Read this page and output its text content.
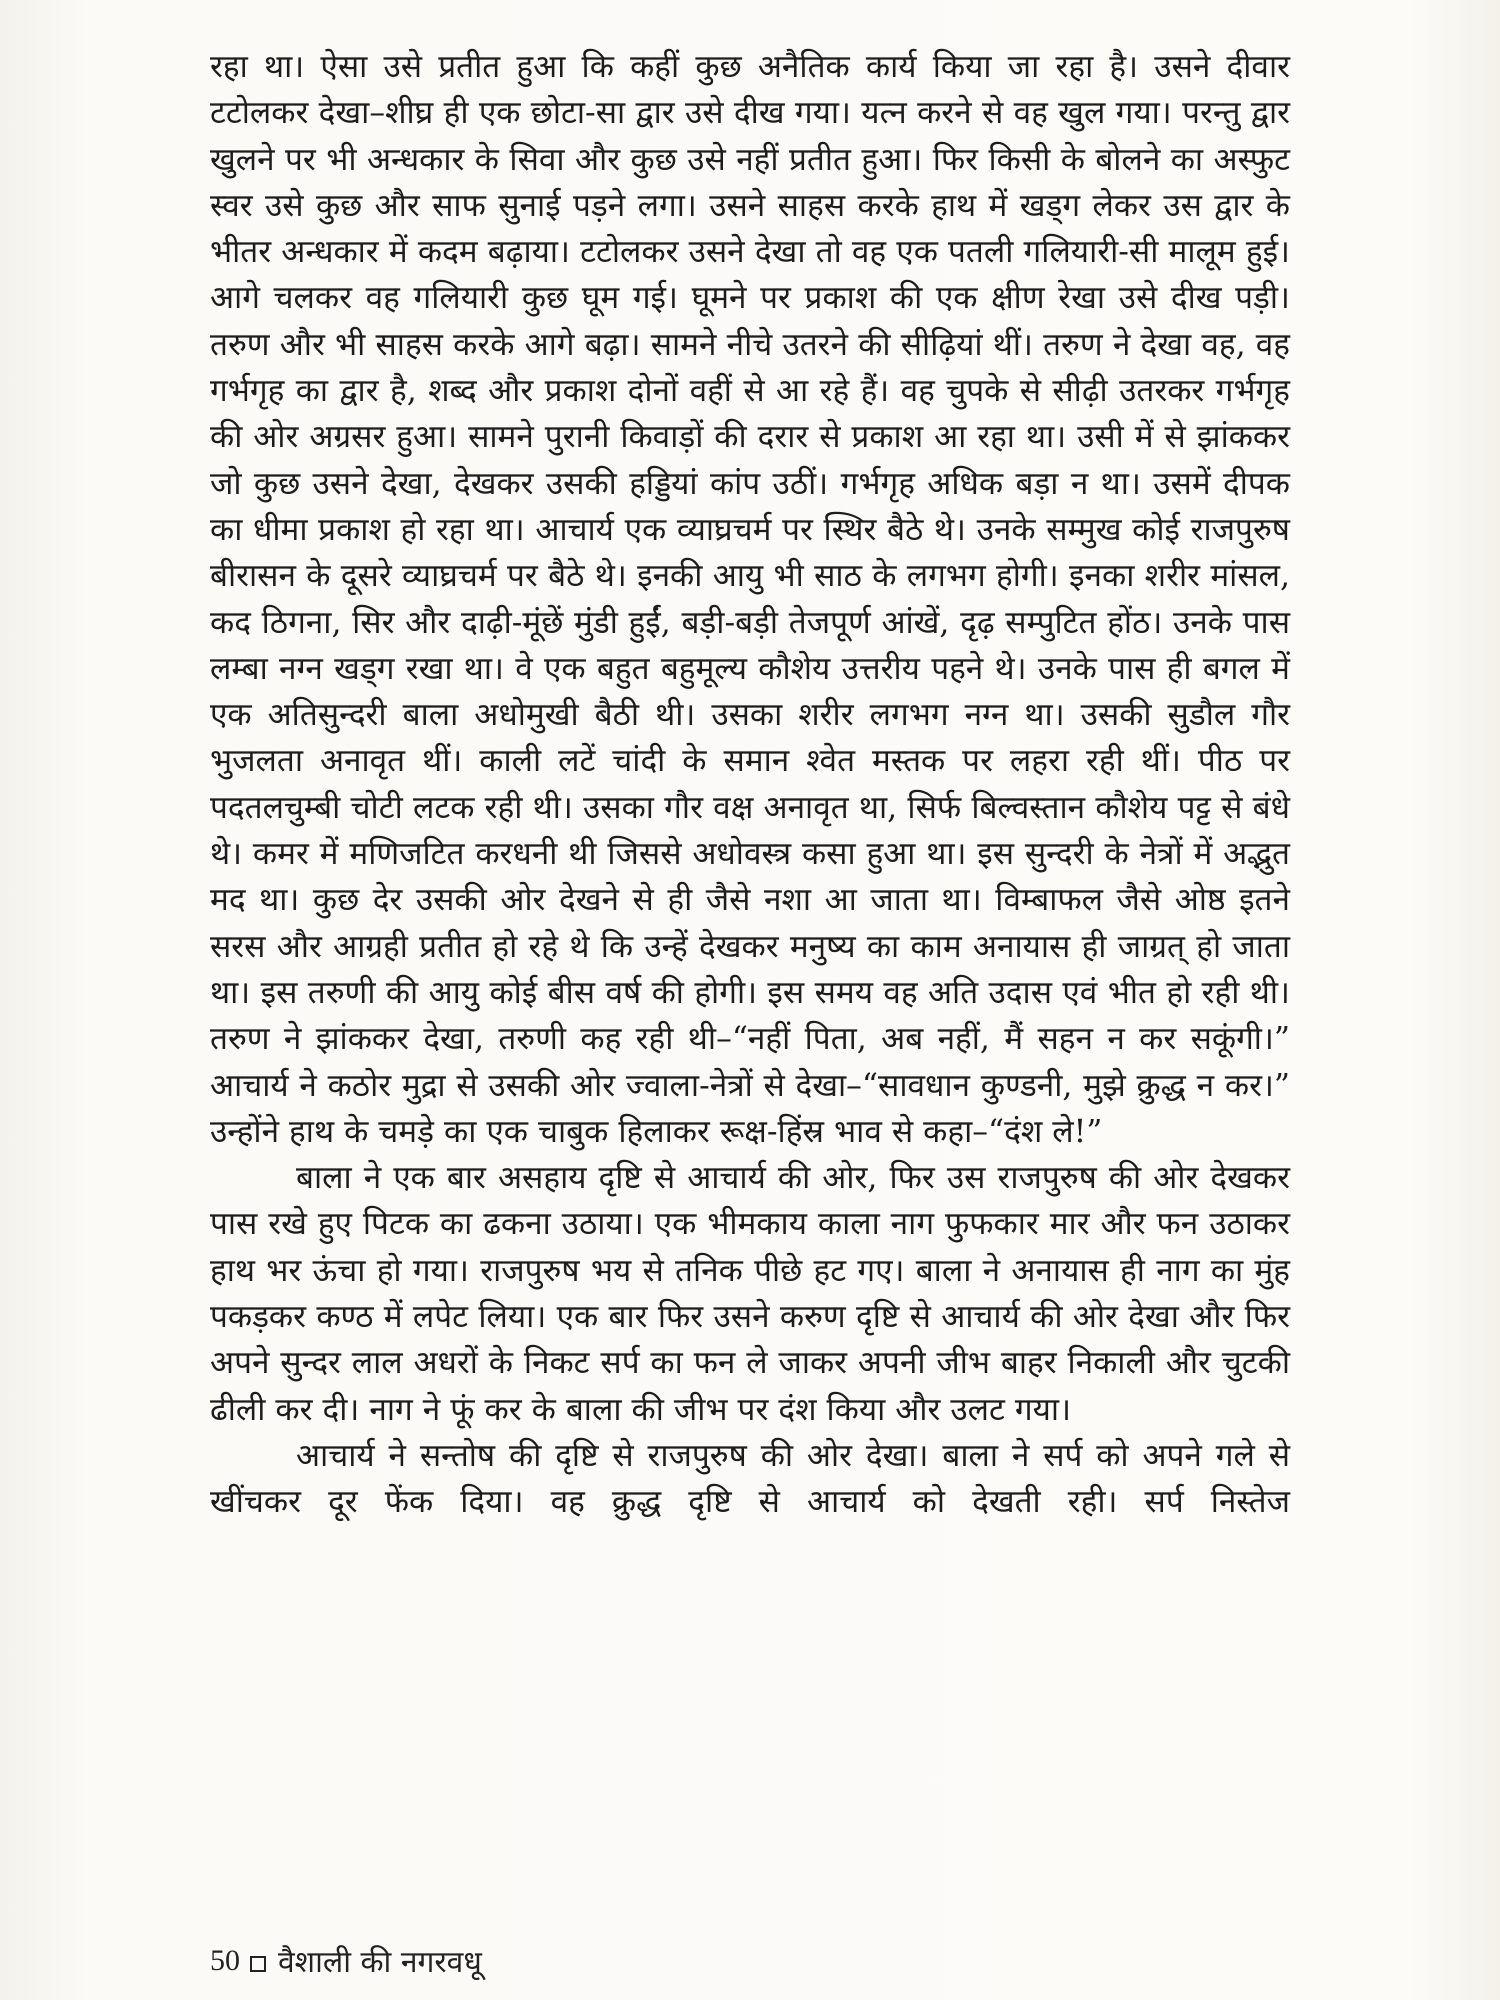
रहा था। ऐसा उसे प्रतीत हुआ कि कहीं कुछ अनैतिक कार्य किया जा रहा है। उसने दीवार टटोलकर देखा–शीघ्र ही एक छोटा-सा द्वार उसे दीख गया। यत्न करने से वह खुल गया। परन्तु द्वार खुलने पर भी अन्धकार के सिवा और कुछ उसे नहीं प्रतीत हुआ। फिर किसी के बोलने का अस्फुट स्वर उसे कुछ और साफ सुनाई पड़ने लगा। उसने साहस करके हाथ में खड्ग लेकर उस द्वार के भीतर अन्धकार में कदम बढ़ाया। टटोलकर उसने देखा तो वह एक पतली गलियारी-सी मालूम हुई। आगे चलकर वह गलियारी कुछ घूम गई। घूमने पर प्रकाश की एक क्षीण रेखा उसे दीख पड़ी। तरुण और भी साहस करके आगे बढ़ा। सामने नीचे उतरने की सीढ़ियां थीं। तरुण ने देखा वह, वह गर्भगृह का द्वार है, शब्द और प्रकाश दोनों वहीं से आ रहे हैं। वह चुपके से सीढ़ी उतरकर गर्भगृह की ओर अग्रसर हुआ। सामने पुरानी किवाड़ों की दरार से प्रकाश आ रहा था। उसी में से झांककर जो कुछ उसने देखा, देखकर उसकी हड्डियां कांप उठीं। गर्भगृह अधिक बड़ा न था। उसमें दीपक का धीमा प्रकाश हो रहा था। आचार्य एक व्याघ्रचर्म पर स्थिर बैठे थे। उनके सम्मुख कोई राजपुरुष बीरासन के दूसरे व्याघ्रचर्म पर बैठे थे। इनकी आयु भी साठ के लगभग होगी। इनका शरीर मांसल, कद ठिगना, सिर और दाढ़ी-मूंछें मुंडी हुईं, बड़ी-बड़ी तेजपूर्ण आंखें, दृढ़ सम्पुटित होंठ। उनके पास लम्बा नग्न खड्ग रखा था। वे एक बहुत बहुमूल्य कौशेय उत्तरीय पहने थे। उनके पास ही बगल में एक अतिसुन्दरी बाला अधोमुखी बैठी थी। उसका शरीर लगभग नग्न था। उसकी सुडौल गौर भुजलता अनावृत थीं। काली लटें चांदी के समान श्वेत मस्तक पर लहरा रही थीं। पीठ पर पदतलचुम्बी चोटी लटक रही थी। उसका गौर वक्ष अनावृत था, सिर्फ बिल्वस्तान कौशेय पट्ट से बंधे थे। कमर में मणिजटित करधनी थी जिससे अधोवस्त्र कसा हुआ था। इस सुन्दरी के नेत्रों में अद्भुत मद था। कुछ देर उसकी ओर देखने से ही जैसे नशा आ जाता था। विम्बाफल जैसे ओष्ठ इतने सरस और आग्रही प्रतीत हो रहे थे कि उन्हें देखकर मनुष्य का काम अनायास ही जाग्रत् हो जाता था। इस तरुणी की आयु कोई बीस वर्ष की होगी। इस समय वह अति उदास एवं भीत हो रही थी। तरुण ने झांककर देखा, तरुणी कह रही थी–“नहीं पिता, अब नहीं, मैं सहन न कर सकूंगी।” आचार्य ने कठोर मुद्रा से उसकी ओर ज्वाला-नेत्रों से देखा–“सावधान कुण्डनी, मुझे क्रुद्ध न कर।” उन्होंने हाथ के चमड़े का एक चाबुक हिलाकर रूक्ष-हिंस्र भाव से कहा–“दंश ले!”

बाला ने एक बार असहाय दृष्टि से आचार्य की ओर, फिर उस राजपुरुष की ओर देखकर पास रखे हुए पिटक का ढकना उठाया। एक भीमकाय काला नाग फुफकार मार और फन उठाकर हाथ भर ऊंचा हो गया। राजपुरुष भय से तनिक पीछे हट गए। बाला ने अनायास ही नाग का मुंह पकड़कर कण्ठ में लपेट लिया। एक बार फिर उसने करुण दृष्टि से आचार्य की ओर देखा और फिर अपने सुन्दर लाल अधरों के निकट सर्प का फन ले जाकर अपनी जीभ बाहर निकाली और चुटकी ढीली कर दी। नाग ने फूं कर के बाला की जीभ पर दंश किया और उलट गया।

आचार्य ने सन्तोष की दृष्टि से राजपुरुष की ओर देखा। बाला ने सर्प को अपने गले से खींचकर दूर फेंक दिया। वह क्रुद्ध दृष्टि से आचार्य को देखती रही। सर्प निस्तेज

50 वैशाली की नगरवधू
